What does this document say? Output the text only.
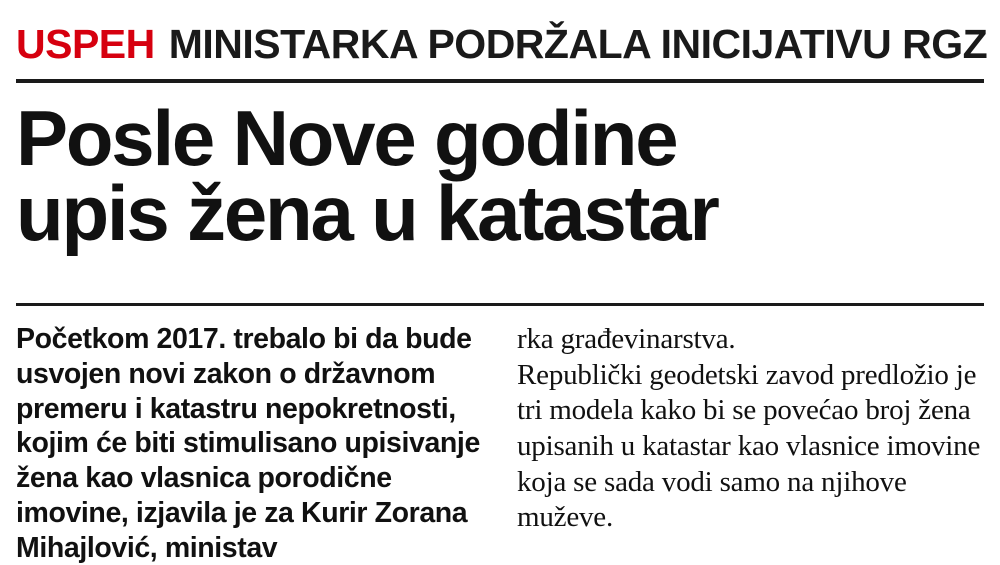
USPEH MINISTARKA PODRŽALA INICIJATIVU RGZ
Posle Nove godine
upis žena u katastar

Početkom 2017. trebalo bi da bude usvojen novi zakon o državnom premeru i katastru nepokretnosti, kojim će biti stimulisano upisivanje žena kao vlasnica porodične imovine, izjavila je za Kurir Zorana Mihajlović, ministav

rka građevinarstva.

Republički geodetski zavod predložio je tri modela kako bi se povećao broj žena upisanih u katastar kao vlasnice imovine koja se sada vodi samo na njihove muževe.
